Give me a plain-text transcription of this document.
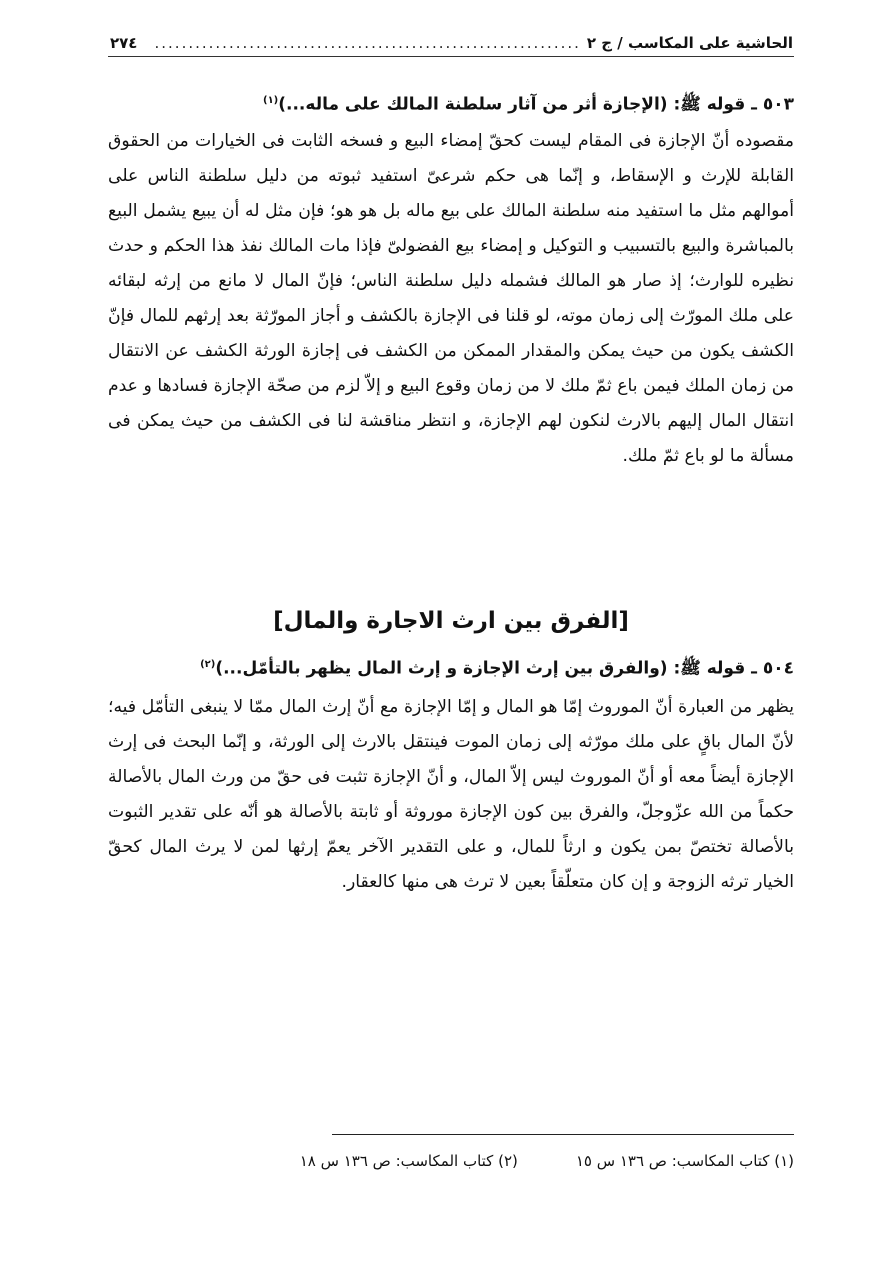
٢٧٤	............................................................... الحاشية على المكاسب / ج ٢
٥٠٣ ـ قوله ﷺ: (الإجازة أثر من آثار سلطنة المالك على ماله...)$^{(١)}$
مقصوده أنّ الإجازة فى المقام ليست كحقّ إمضاء البيع و فسخه الثابت فى الخيارات من الحقوق القابلة للإرث و الإسقاط، و إنّما هى حكم شرعىّ استفيد ثبوته من دليل سلطنة الناس على أموالهم مثل ما استفيد منه سلطنة المالك على بيع ماله بل هو هو؛ فإن مثل له أن يبيع يشمل البيع بالمباشرة والبيع بالتسبيب و التوكيل و إمضاء بيع الفضولىّ فإذا مات المالك نفذ هذا الحكم و حدث نظيره للوارث؛ إذ صار هو المالك فشمله دليل سلطنة الناس؛ فإنّ المال لا مانع من إرثه لبقائه على ملك المورّث إلى زمان موته، لو قلنا فى الإجازة بالكشف و أجاز المورّثة بعد إرثهم للمال فإنّ الكشف يكون من حيث يمكن والمقدار الممكن من الكشف فى إجازة الورثة الكشف عن الانتقال من زمان الملك فيمن باع ثمّ ملك لا من زمان وقوع البيع و إلاّ لزم من صحّة الإجازة فسادها و عدم انتقال المال إليهم بالارث لنكون لهم الإجازة، و انتظر مناقشة لنا فى الكشف من حيث يمكن فى مسألة ما لو باع ثمّ ملك.
[الفرق بين ارث الاجارة والمال]
٥٠٤ ـ قوله ﷺ: (والفرق بين إرث الإجازة و إرث المال يظهر بالتأمّل...)$^{(٢)}$
يظهر من العبارة أنّ الموروث إمّا هو المال و إمّا الإجازة مع أنّ إرث المال ممّا لا ينبغى التأمّل فيه؛ لأنّ المال باقٍ على ملك مورّثه إلى زمان الموت فينتقل بالارث إلى الورثة، و إنّما البحث فى إرث الإجازة أيضاً معه أو أنّ الموروث ليس إلاّ المال، و أنّ الإجازة تثبت فى حقّ من ورث المال بالأصالة حكماً من الله عزّوجلّ، والفرق بين كون الإجازة موروثة أو ثابتة بالأصالة هو أنّه على تقدير الثبوت بالأصالة تختصّ بمن يكون و ارثاً للمال، و على التقدير الآخر يعمّ إرثها لمن لا يرث المال كحقّ الخيار ترثه الزوجة و إن كان متعلّقاً بعين لا ترث هى منها كالعقار.
(١) كتاب المكاسب: ص ١٣٦ س ١٥
(٢) كتاب المكاسب: ص ١٣٦ س ١٨
